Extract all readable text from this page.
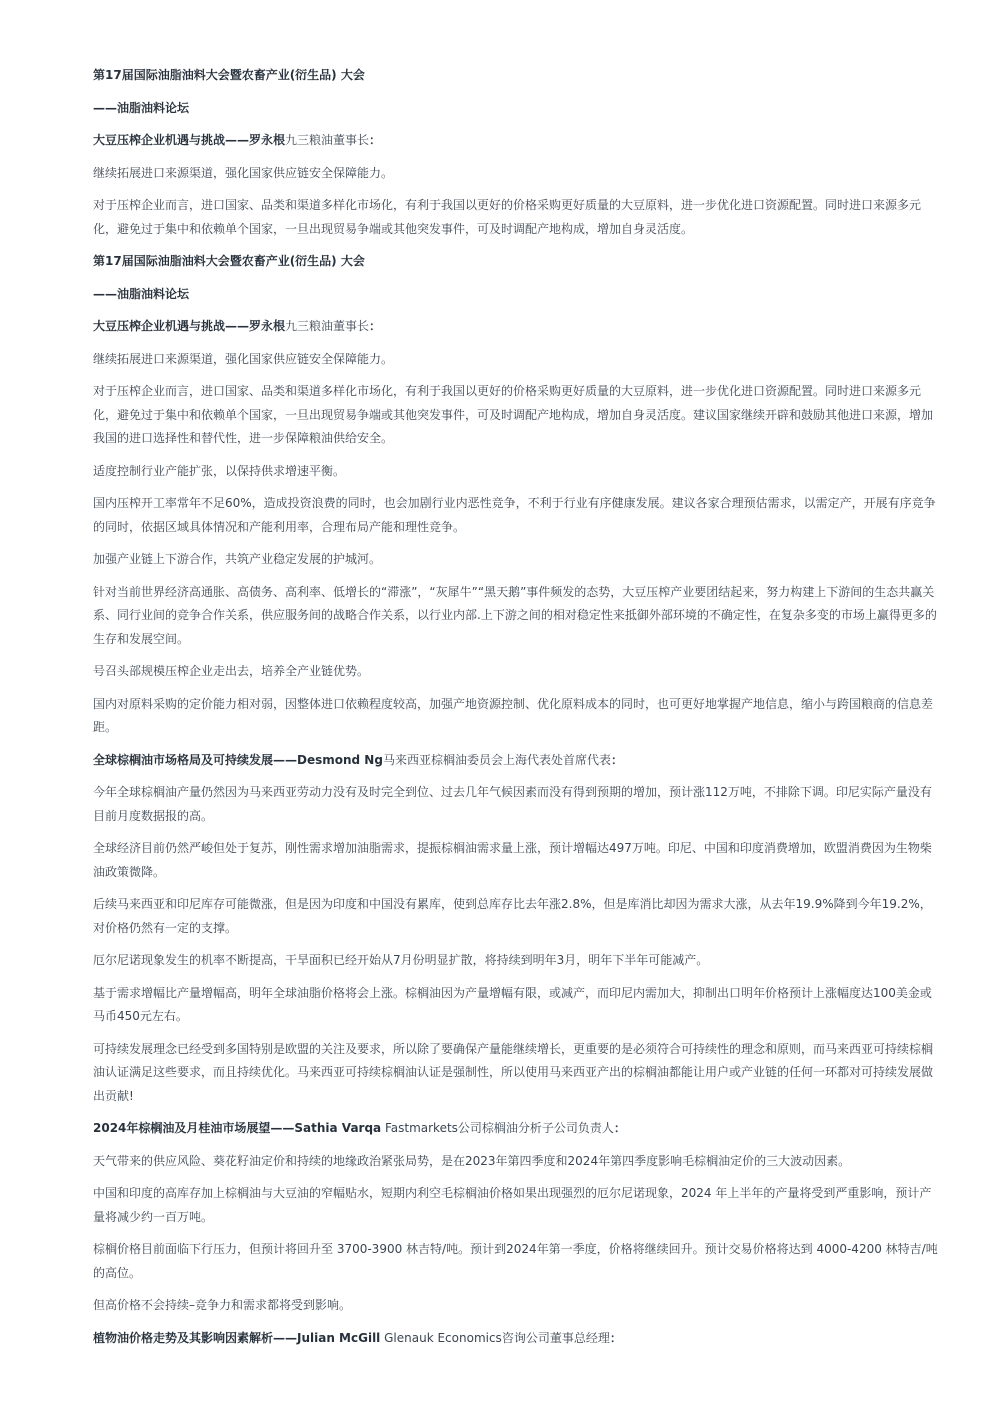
第17届国际油脂油料大会暨农畜产业(衍生品) 大会

——油脂油料论坛

大豆压榨企业机遇与挑战——罗永根九三粮油董事长：

继续拓展进口来源渠道，强化国家供应链安全保障能力。

对于压榨企业而言，进口国家、品类和渠道多样化市场化，有利于我国以更好的价格采购更好质量的大豆原料，进一步优化进口资源配置。同时进口来源多元化，避免过于集中和依赖单个国家，一旦出现贸易争端或其他突发事件，可及时调配产地构成，增加自身灵活度。

第17届国际油脂油料大会暨农畜产业(衍生品) 大会

——油脂油料论坛

大豆压榨企业机遇与挑战——罗永根九三粮油董事长：

继续拓展进口来源渠道，强化国家供应链安全保障能力。

对于压榨企业而言，进口国家、品类和渠道多样化市场化，有利于我国以更好的价格采购更好质量的大豆原料，进一步优化进口资源配置。同时进口来源多元化，避免过于集中和依赖单个国家，一旦出现贸易争端或其他突发事件，可及时调配产地构成，增加自身灵活度。建议国家继续开辟和鼓励其他进口来源，增加我国的进口选择性和替代性，进一步保障粮油供给安全。

适度控制行业产能扩张，以保持供求增速平衡。

国内压榨开工率常年不足60%，造成投资浪费的同时，也会加剧行业内恶性竞争，不利于行业有序健康发展。建议各家合理预估需求，以需定产，开展有序竞争的同时，依据区域具体情况和产能利用率，合理布局产能和理性竞争。

加强产业链上下游合作，共筑产业稳定发展的护城河。

针对当前世界经济高通胀、高债务、高利率、低增长的“滞涨”，“灰犀牛”“黑天鹅”事件频发的态势，大豆压榨产业要团结起来，努力构建上下游间的生态共赢关系、同行业间的竞争合作关系，供应服务间的战略合作关系，以行业内部.上下游之间的相对稳定性来抵御外部环境的不确定性，在复杂多变的市场上赢得更多的生存和发展空间。

号召头部规模压榨企业走出去，培养全产业链优势。

国内对原料采购的定价能力相对弱，因整体进口依赖程度较高，加强产地资源控制、优化原料成本的同时，也可更好地掌握产地信息，缩小与跨国粮商的信息差距。

全球棕榈油市场格局及可持续发展——Desmond Ng马来西亚棕榈油委员会上海代表处首席代表：

今年全球棕榈油产量仍然因为马来西亚劳动力没有及时完全到位、过去几年气候因素而没有得到预期的增加，预计涨112万吨，不排除下调。印尼实际产量没有目前月度数据报的高。

全球经济目前仍然严峻但处于复苏，刚性需求增加油脂需求，提振棕榈油需求量上涨，预计增幅达497万吨。印尼、中国和印度消费增加，欧盟消费因为生物柴油政策微降。

后续马来西亚和印尼库存可能微涨，但是因为印度和中国没有累库，使到总库存比去年涨2.8%，但是库消比却因为需求大涨，从去年19.9%降到今年19.2%，对价格仍然有一定的支撑。

厄尔尼诺现象发生的机率不断提高，干旱面积已经开始从7月份明显扩散，将持续到明年3月，明年下半年可能减产。

基于需求增幅比产量增幅高，明年全球油脂价格将会上涨。棕榈油因为产量增幅有限，或减产，而印尼内需加大，抑制出口明年价格预计上涨幅度达100美金或马币450元左右。

可持续发展理念已经受到多国特别是欧盟的关注及要求，所以除了要确保产量能继续增长，更重要的是必须符合可持续性的理念和原则，而马来西亚可持续棕榈油认证满足这些要求，而且持续优化。马来西亚可持续棕榈油认证是强制性，所以使用马来西亚产出的棕榈油都能让用户或产业链的任何一环都对可持续发展做出贡献!

2024年棕榈油及月桂油市场展望——Sathia Varqa Fastmarkets公司棕榈油分析子公司负责人：

天气带来的供应风险、葵花籽油定价和持续的地缘政治紧张局势，是在2023年第四季度和2024年第四季度影响毛棕榈油定价的三大波动因素。

中国和印度的高库存加上棕榈油与大豆油的窄幅贴水，短期内利空毛棕榈油价格如果出现强烈的厄尔尼诺现象，2024 年上半年的产量将受到严重影响，预计产量将减少约一百万吨。

棕榈价格目前面临下行压力，但预计将回升至 3700-3900 林吉特/吨。预计到2024年第一季度，价格将继续回升。预计交易价格将达到 4000-4200 林特吉/吨的高位。

但高价格不会持续–竞争力和需求都将受到影响。

植物油价格走势及其影响因素解析——Julian McGill Glenauk Economics咨询公司董事总经理：
